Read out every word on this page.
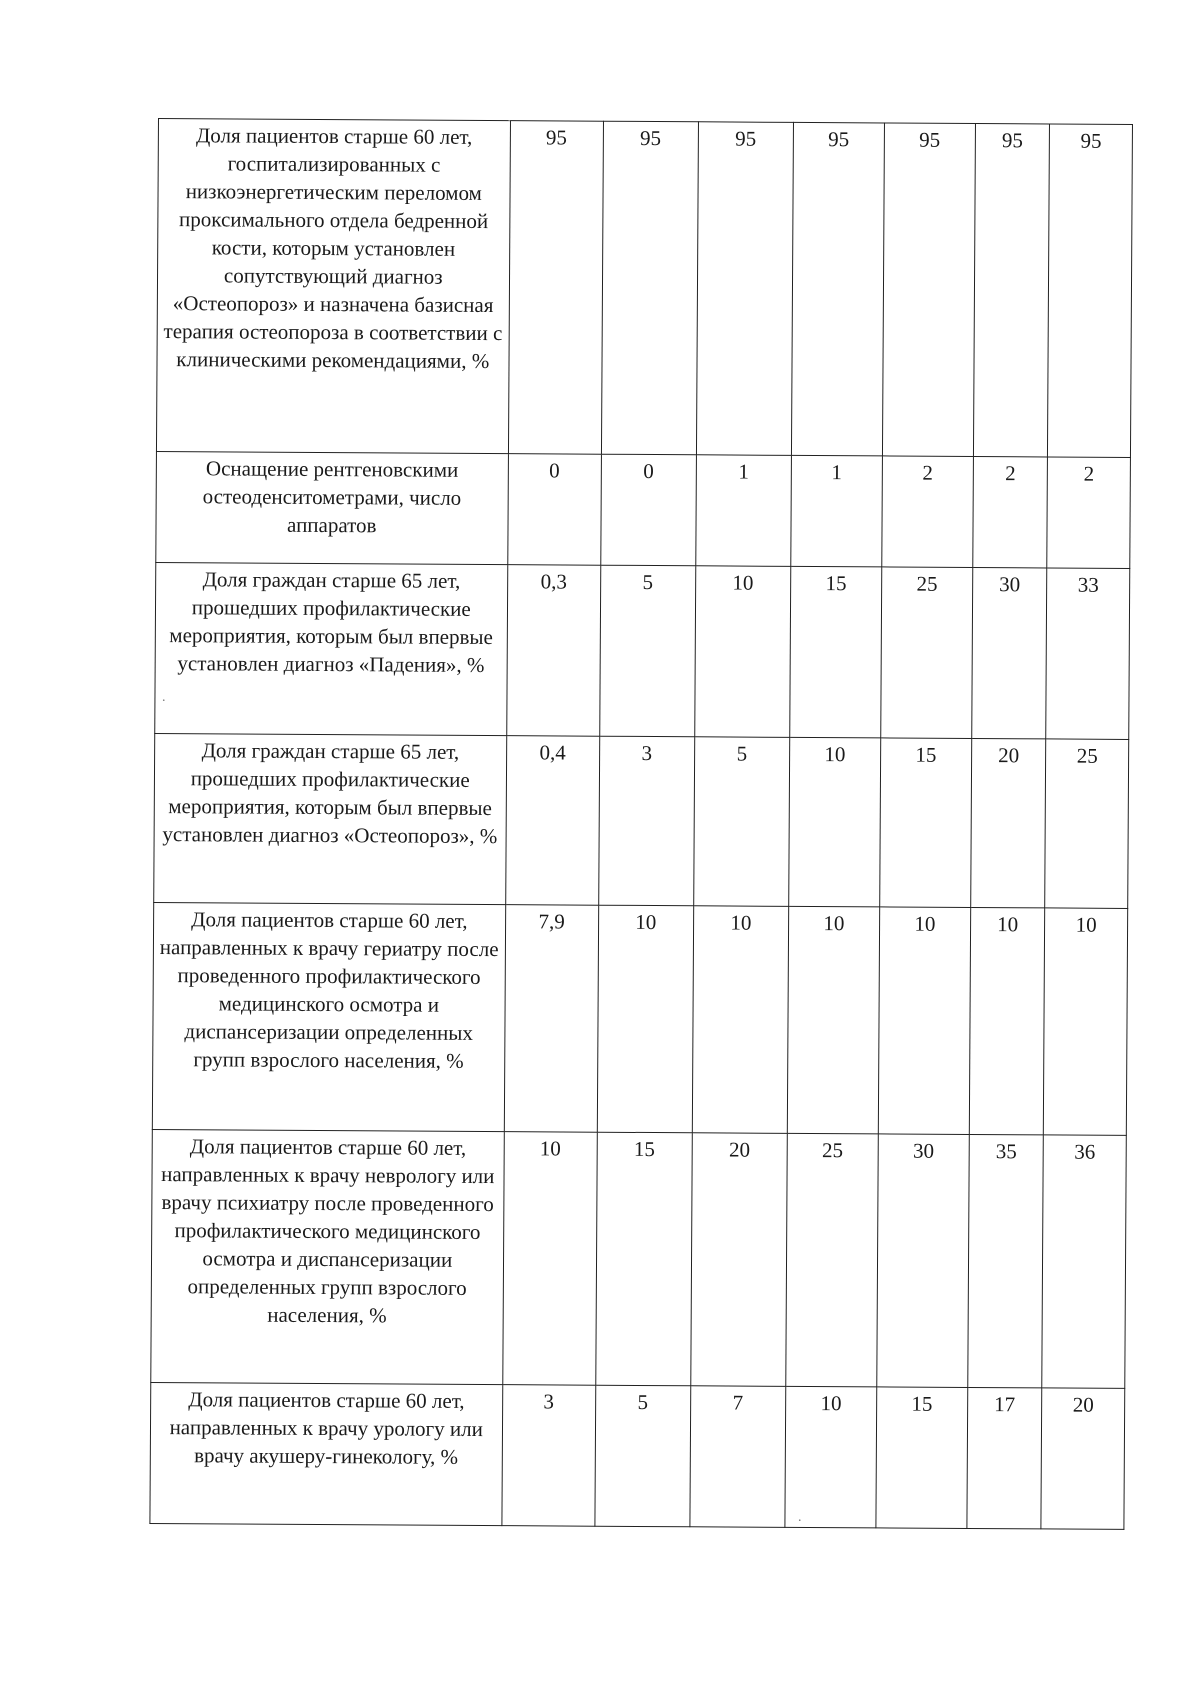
Доля пациентов старше 60 лет, госпитализированных с низкоэнергетическим переломом проксимального отдела бедренной кости, которым установлен сопутствующий диагноз «Остеопороз» и назначена базисная терапия остеопороза в соответствии с клиническими рекомендациями, %	95	95	95	95	95	95	95
Оснащение рентгеновскими остеоденситометрами, число аппаратов	0	0	1	1	2	2	2
Доля граждан старше 65 лет, прошедших профилактические мероприятия, которым был впервые установлен диагноз «Падения», %	0,3	5	10	15	25	30	33
Доля граждан старше 65 лет, прошедших профилактические мероприятия, которым был впервые установлен диагноз «Остеопороз», %	0,4	3	5	10	15	20	25
Доля пациентов старше 60 лет, направленных к врачу гериатру после проведенного профилактического медицинского осмотра и диспансеризации определенных групп взрослого населения, %	7,9	10	10	10	10	10	10
Доля пациентов старше 60 лет, направленных к врачу неврологу или врачу психиатру после проведенного профилактического медицинского осмотра и диспансеризации определенных групп взрослого населения, %	10	15	20	25	30	35	36
Доля пациентов старше 60 лет, направленных к врачу урологу или врачу акушеру-гинекологу, %	3	5	7	10	15	17	20
.
.
